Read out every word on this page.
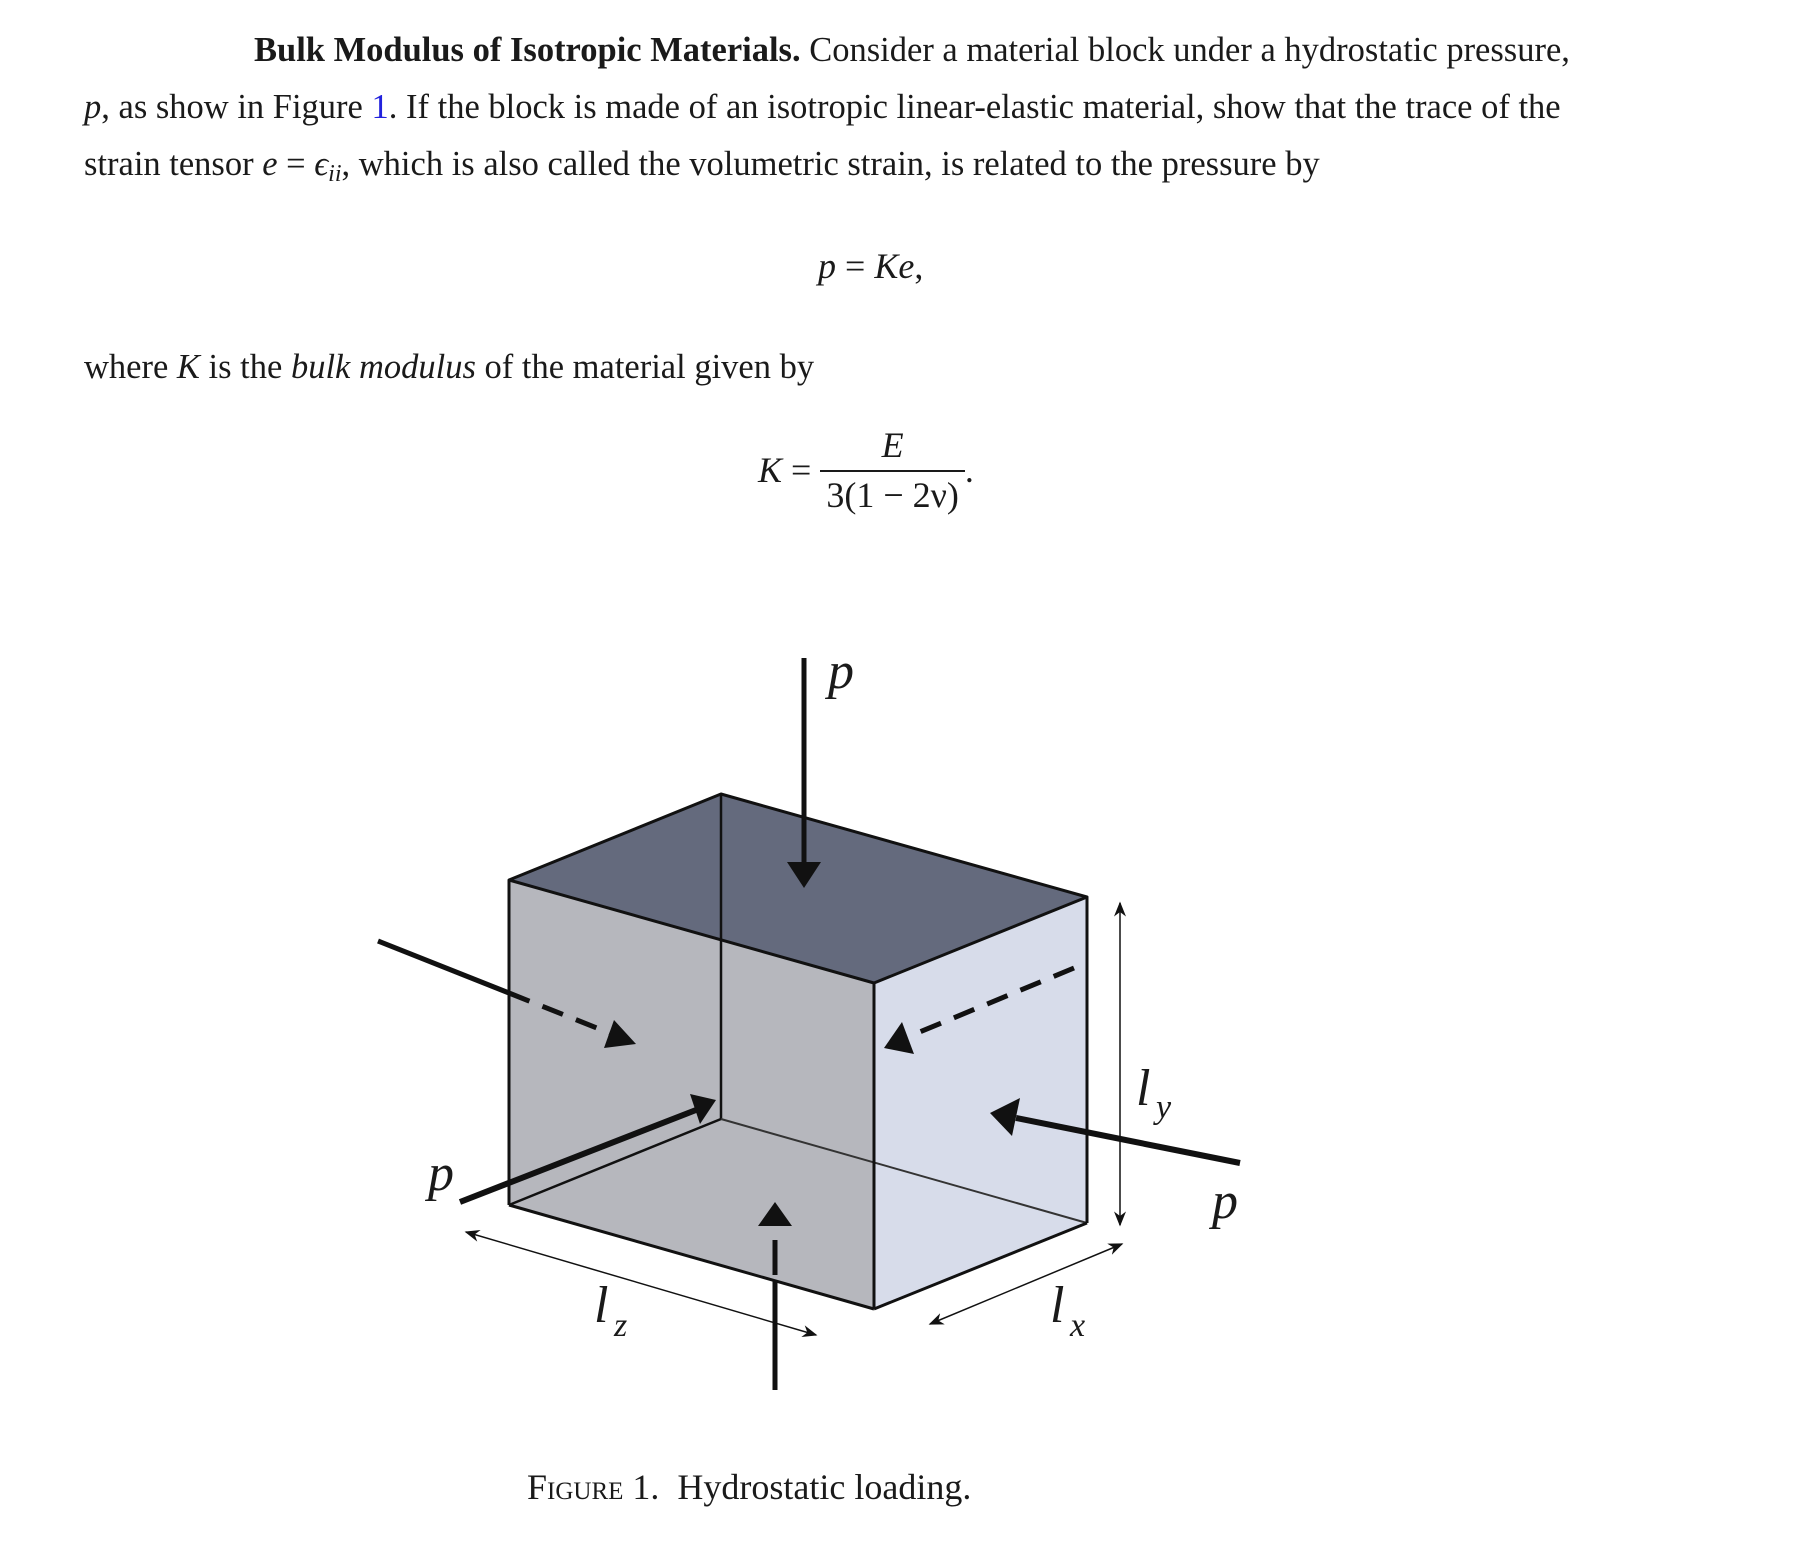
Bulk Modulus of Isotropic Materials. Consider a material block under a hydrostatic pressure,
p, as show in Figure 1. If the block is made of an isotropic linear-elastic material, show that the trace of the
strain tensor $e = \epsilon_{ii}$, which is also called the volumetric strain, is related to the pressure by
p = Ke,
where K is the bulk modulus of the material given by
$K = \frac{E}{3(1 - 2\nu)}$ .
p
p	p
l y
l z	l x
Figure 1. Hydrostatic loading.
